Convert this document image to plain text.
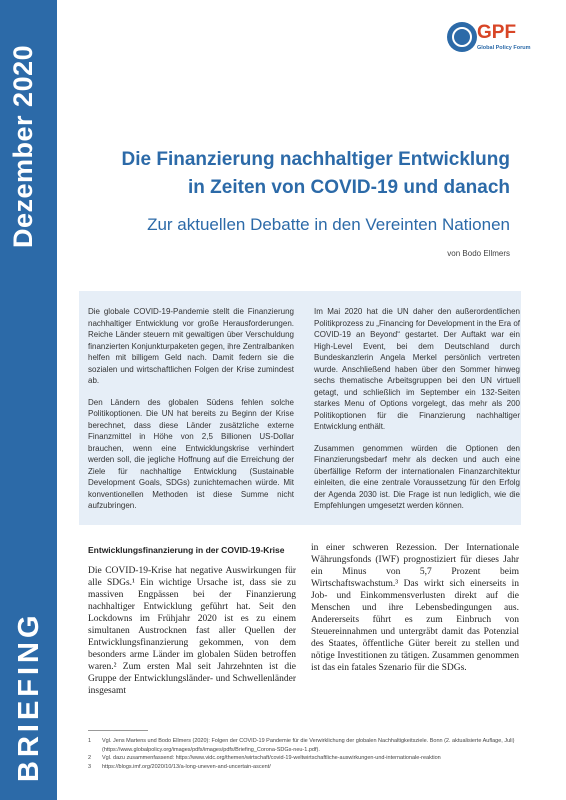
Dezember 2020
BRIEFING
GPF
Global Policy Forum
Die Finanzierung nachhaltiger Entwicklung
in Zeiten von COVID-19 und danach
Zur aktuellen Debatte in den Vereinten Nationen
von Bodo Ellmers

Die globale COVID-19-Pandemie stellt die Finanzierung nachhaltiger Entwicklung vor große Herausforderungen. Reiche Länder steuern mit gewaltigen über Verschuldung finanzierten Konjunkturpaketen gegen, ihre Zentralbanken helfen mit billigem Geld nach. Damit federn sie die sozialen und wirtschaftlichen Folgen der Krise zumindest ab.

Den Ländern des globalen Südens fehlen solche Politikoptionen. Die UN hat bereits zu Beginn der Krise berechnet, dass diese Länder zusätzliche externe Finanzmittel in Höhe von 2,5 Billionen US-Dollar brauchen, wenn eine Entwicklungskrise verhindert werden soll, die jegliche Hoffnung auf die Erreichung der Ziele für nachhaltige Entwicklung (Sustainable Development Goals, SDGs) zunichtemachen würde. Mit konventionellen Methoden ist diese Summe nicht aufzubringen.

Im Mai 2020 hat die UN daher den außerordentlichen Politikprozess zu „Financing for Development in the Era of COVID-19 an Beyond“ gestartet. Der Auftakt war ein High-Level Event, bei dem Deutschland durch Bundeskanzlerin Angela Merkel persönlich vertreten wurde. Anschließend haben über den Sommer hinweg sechs thematische Arbeitsgruppen bei den UN virtuell getagt, und schließlich im September ein 132-Seiten starkes Menu of Options vorgelegt, das mehr als 200 Politikoptionen für die Finanzierung nachhaltiger Entwicklung enthält.

Zusammen genommen würden die Optionen den Finanzierungsbedarf mehr als decken und auch eine überfällige Reform der internationalen Finanzarchitektur einleiten, die eine zentrale Voraussetzung für den Erfolg der Agenda 2030 ist. Die Frage ist nun lediglich, wie die Empfehlungen umgesetzt werden können.

Entwicklungsfinanzierung in der COVID-19-Krise

Die COVID-19-Krise hat negative Auswirkungen für alle SDGs.¹ Ein wichtige Ursache ist, dass sie zu massiven Engpässen bei der Finanzierung nachhaltiger Entwicklung geführt hat. Seit den Lockdowns im Frühjahr 2020 ist es zu einem simultanen Austrocknen fast aller Quellen der Entwicklungsfinanzierung gekommen, von dem besonders arme Länder im globalen Süden betroffen waren.² Zum ersten Mal seit Jahrzehnten ist die Gruppe der Entwicklungsländer- und Schwellenländer insgesamt

in einer schweren Rezession. Der Internationale Währungsfonds (IWF) prognostiziert für dieses Jahr ein Minus von 5,7 Prozent beim Wirtschaftswachstum.³ Das wirkt sich einerseits in Job- und Einkommensverlusten direkt auf die Menschen und ihre Lebensbedingungen aus. Andererseits führt es zum Einbruch von Steuereinnahmen und untergräbt damit das Potenzial des Staates, öffentliche Güter bereit zu stellen und nötige Investitionen zu tätigen. Zusammen genommen ist das ein fatales Szenario für die SDGs.

1	Vgl. Jens Martens und Bodo Ellmers (2020): Folgen der COVID-19 Pandemie für die Verwirklichung der globalen Nachhaltigkeitsziele. Bonn (2. aktualisierte Auflage, Juli) (https://www.globalpolicy.org/images/pdfs/images/pdfs/Briefing_Corona-SDGs-neu-1.pdf).
2	Vgl. dazu zusammenfassend: https://www.vidc.org/themen/wirtschaft/covid-19-weltwirtschaftliche-auswirkungen-und-internationale-reaktion
3	https://blogs.imf.org/2020/10/13/a-long-uneven-and-uncertain-ascent/
